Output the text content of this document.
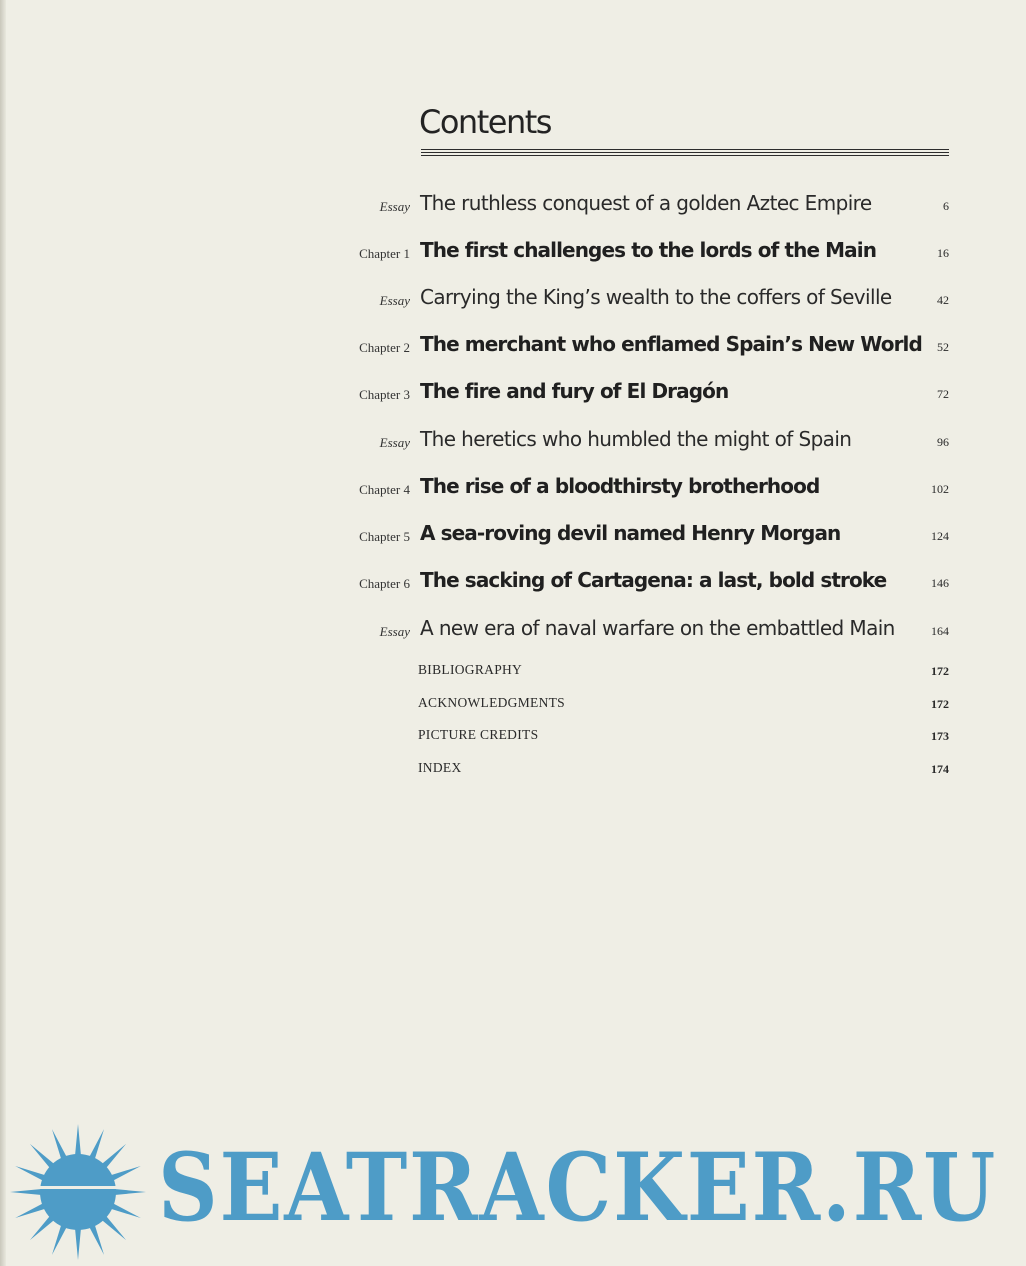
Contents
Essay The ruthless conquest of a golden Aztec Empire	6
Chapter 1 The first challenges to the lords of the Main	16
Essay Carrying the King’s wealth to the coffers of Seville	42
Chapter 2 The merchant who enflamed Spain’s New World 52
Chapter 3 The fire and fury of El Dragón	72
Essay The heretics who humbled the might of Spain	96
Chapter 4 The rise of a bloodthirsty brotherhood	102
Chapter 5 A sea-roving devil named Henry Morgan	124
Chapter 6 The sacking of Cartagena: a last, bold stroke	146
Essay A new era of naval warfare on the embattled Main	164
BIBLIOGRAPHY	172
ACKNOWLEDGMENTS	172
PICTURE CREDITS	173
INDEX	174
SEATRACKER.RU
